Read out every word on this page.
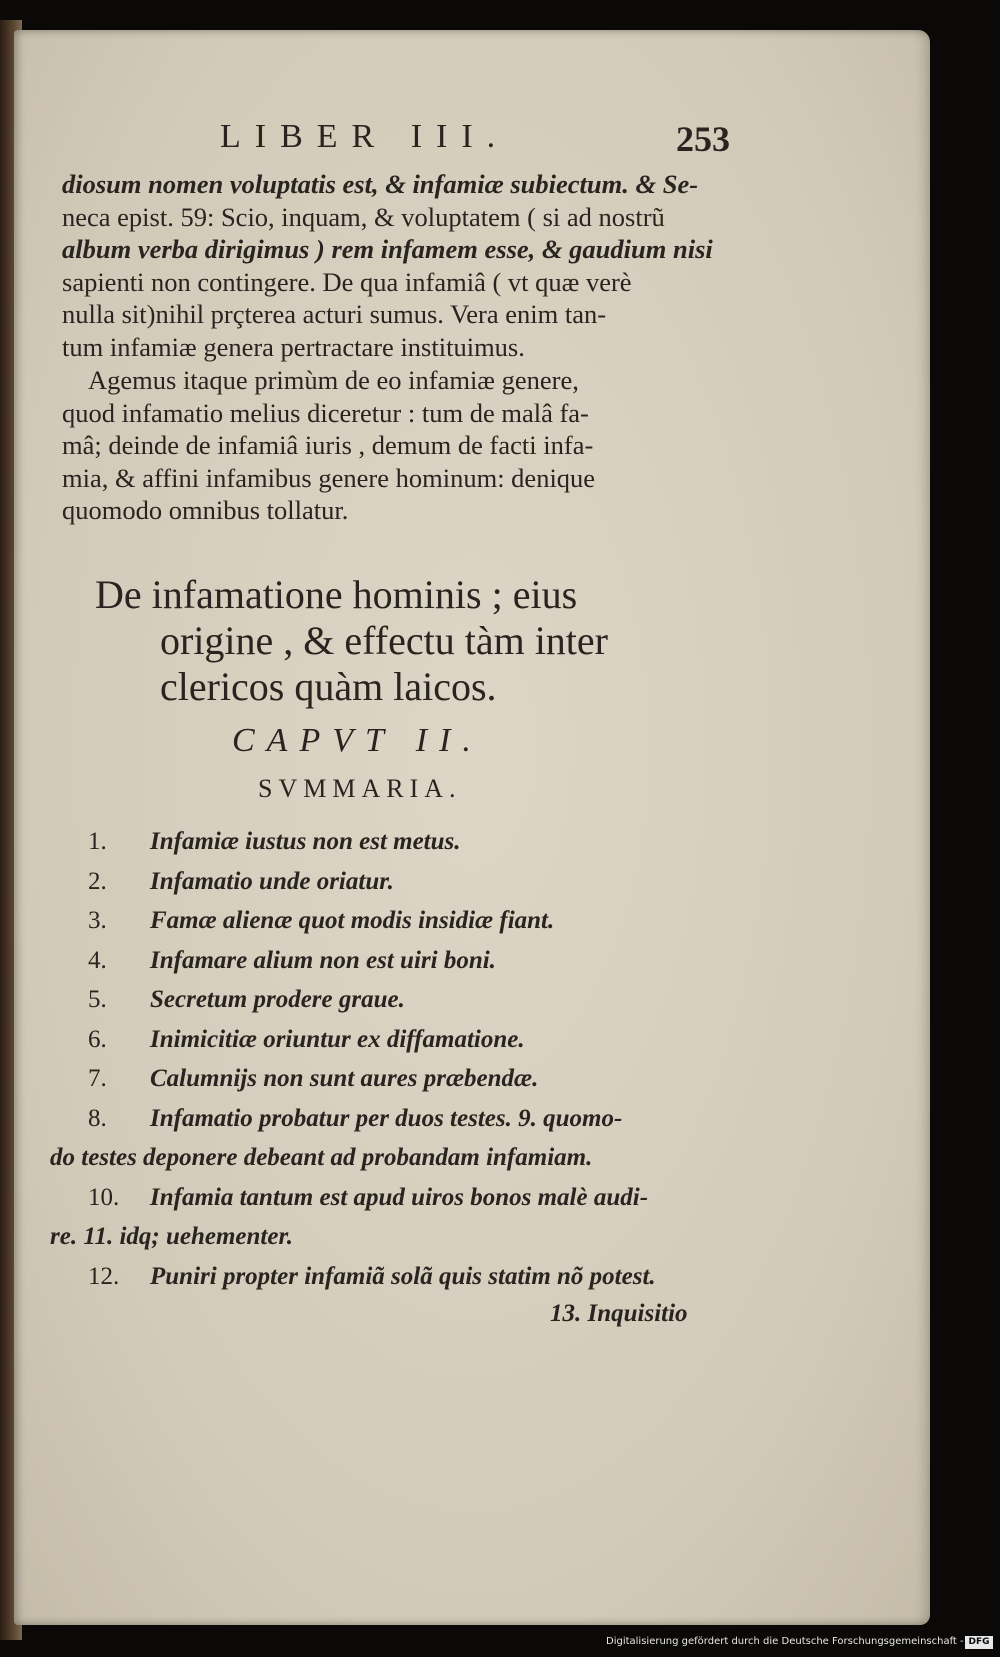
LIBER III.	253
diosum nomen voluptatis est, & infamiæ subiectum. & Se-
neca epist. 59: Scio, inquam, & voluptatem ( si ad nostrũ
album verba dirigimus ) rem infamem esse, & gaudium nisi
sapienti non contingere. De qua infamiâ ( vt quæ verè
nulla sit)nihil prçterea acturi sumus. Vera enim tan-
tum infamiæ genera pertractare instituimus.
Agemus itaque primùm de eo infamiæ genere,
quod infamatio melius diceretur : tum de malâ fa-
mâ; deinde de infamiâ iuris , demum de facti infa-
mia, & affini infamibus genere hominum: denique
quomodo omnibus tollatur.
De infamatione hominis ; eius
origine , & effectu tàm inter
clericos quàm laicos.
CAPVT II.
SVMMARIA.
1. Infamiæ iustus non est metus.
2. Infamatio unde oriatur.
3. Famæ alienæ quot modis insidiæ fiant.
4. Infamare alium non est uiri boni.
5. Secretum prodere graue.
6. Inimicitiæ oriuntur ex diffamatione.
7. Calumnijs non sunt aures præbendæ.
8. Infamatio probatur per duos testes. 9. quomo-
do testes deponere debeant ad probandam infamiam.
10. Infamia tantum est apud uiros bonos malè audi-
re. 11. idq; uehementer.
12. Puniri propter infamiã solã quis statim nõ potest.
13. Inquisitio
Digitalisierung gefördert durch die Deutsche Forschungsgemeinschaft - DFG
